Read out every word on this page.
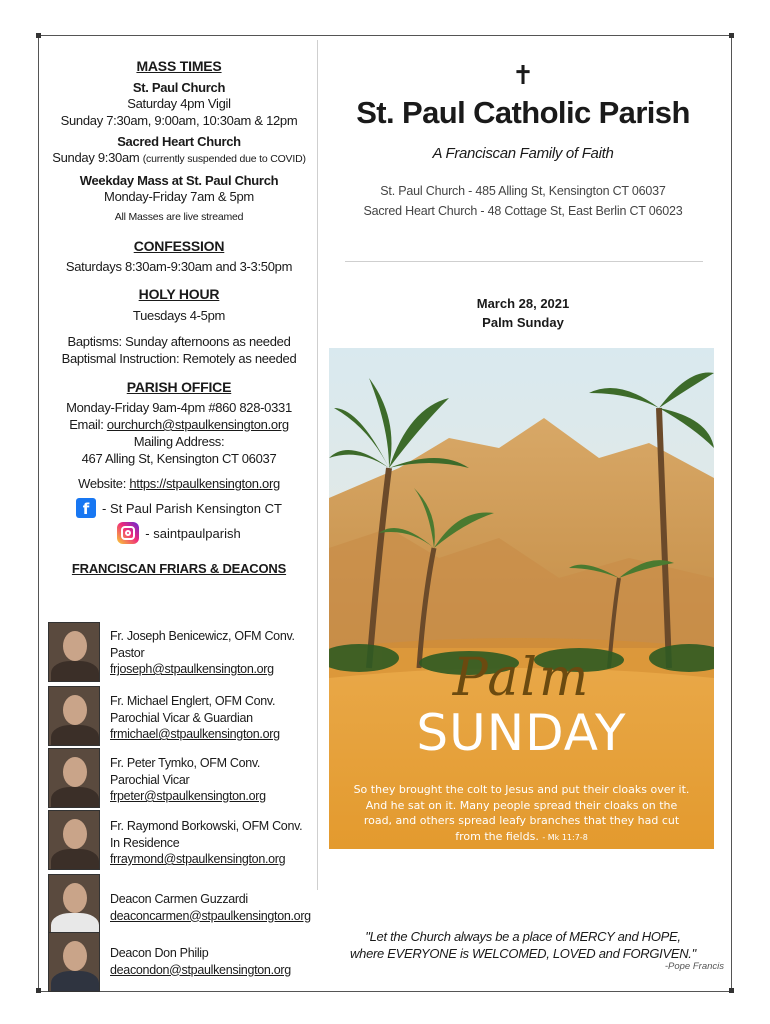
MASS TIMES
St. Paul Church
Saturday 4pm Vigil
Sunday 7:30am, 9:00am, 10:30am & 12pm
Sacred Heart Church
Sunday 9:30am (currently suspended due to COVID)
Weekday Mass at St. Paul Church
Monday-Friday 7am & 5pm
All Masses are live streamed
CONFESSION
Saturdays 8:30am-9:30am and 3-3:50pm
HOLY HOUR
Tuesdays 4-5pm
Baptisms: Sunday afternoons as needed
Baptismal Instruction: Remotely as needed
PARISH OFFICE
Monday-Friday 9am-4pm #860 828-0331
Email: ourchurch@stpaulkensington.org
Mailing Address:
467 Alling St, Kensington CT 06037
Website: https://stpaulkensington.org
f - St Paul Parish Kensington CT
- saintpaulparish
FRANCISCAN FRIARS & DEACONS
Fr. Joseph Benicewicz, OFM Conv.
Pastor
frjoseph@stpaulkensington.org
Fr. Michael Englert, OFM Conv.
Parochial Vicar & Guardian
frmichael@stpaulkensington.org
Fr. Peter Tymko, OFM Conv.
Parochial Vicar
frpeter@stpaulkensington.org
Fr. Raymond Borkowski, OFM Conv.
In Residence
frraymond@stpaulkensington.org
Deacon Carmen Guzzardi
deaconcarmen@stpaulkensington.org
Deacon Don Philip
deacondon@stpaulkensington.org
✝
St. Paul Catholic Parish
A Franciscan Family of Faith
St. Paul Church - 485 Alling St, Kensington CT 06037
Sacred Heart Church - 48 Cottage St, East Berlin CT 06023
March 28, 2021
Palm Sunday
Palm
SUNDAY
So they brought the colt to Jesus and put their cloaks over it. And he sat on it. Many people spread their cloaks on the road, and others spread leafy branches that they had cut from the fields. - Mk 11:7-8
"Let the Church always be a place of MERCY and HOPE,
where EVERYONE is WELCOMED, LOVED and FORGIVEN."
-Pope Francis
